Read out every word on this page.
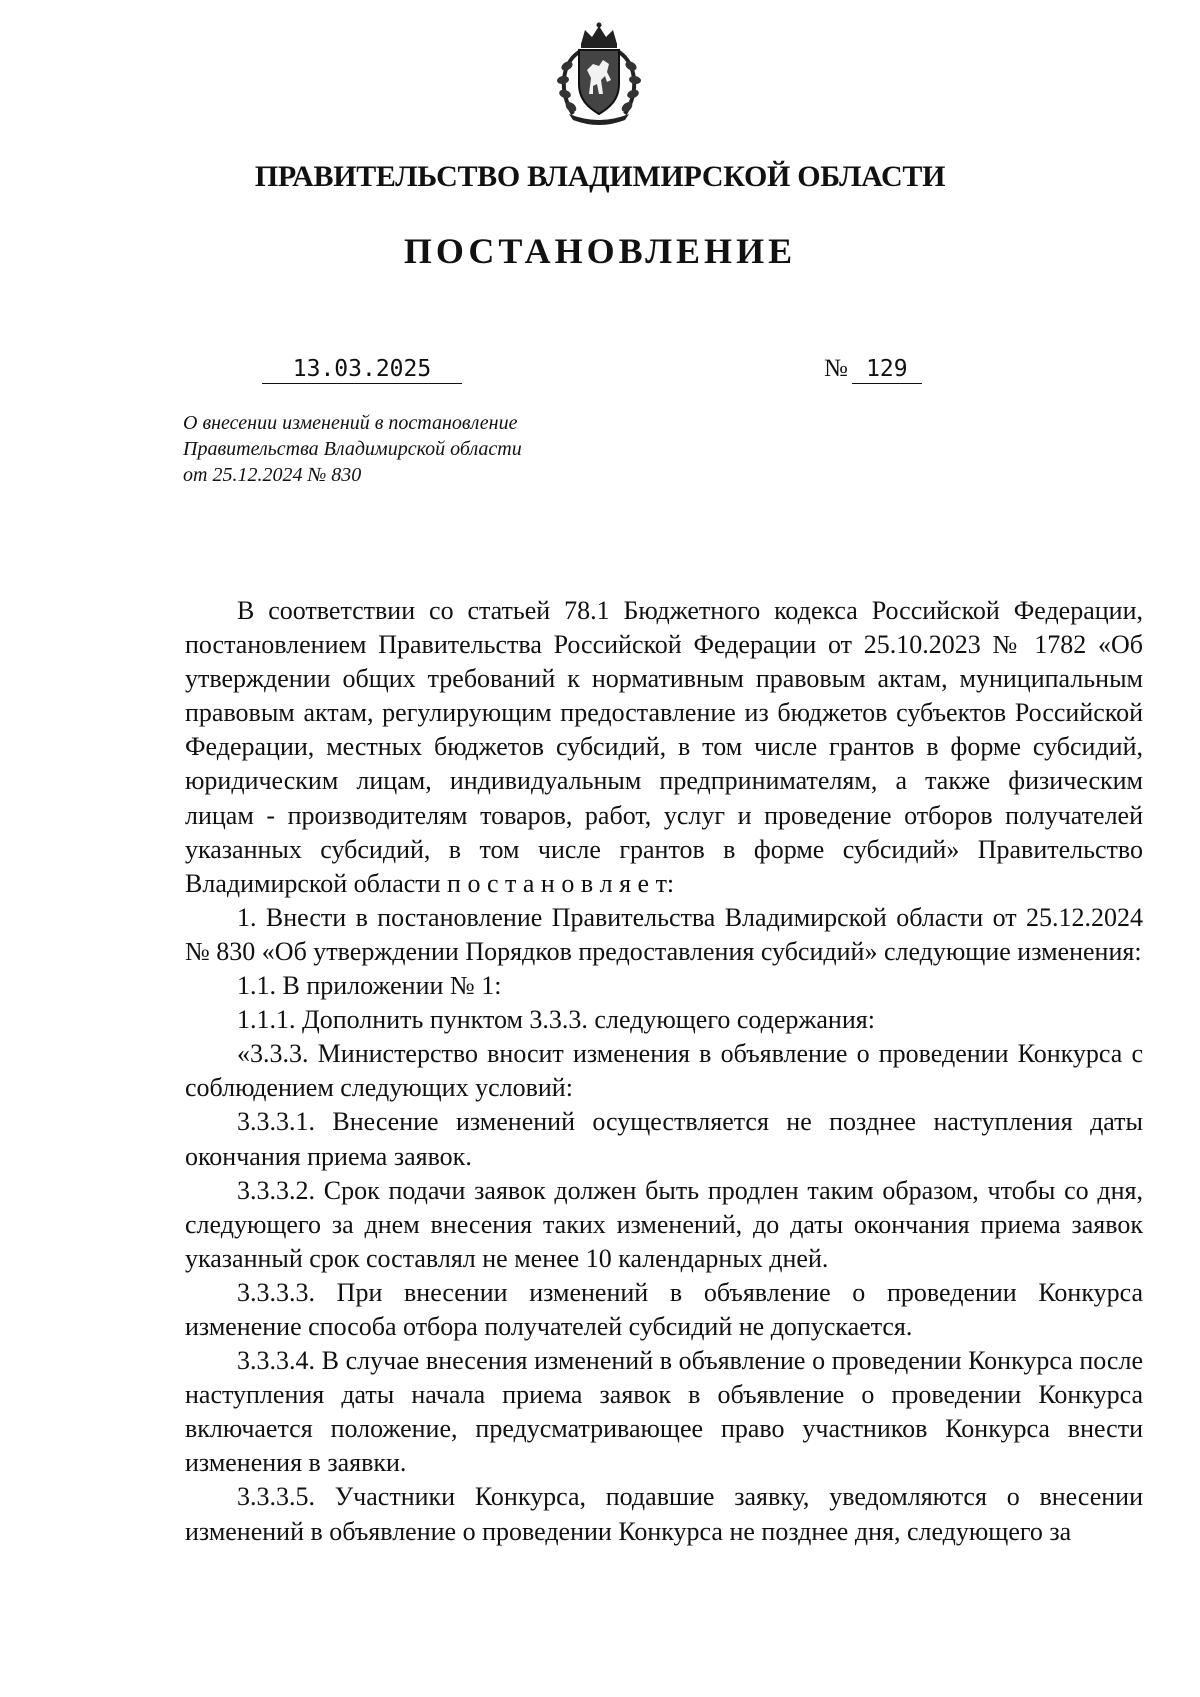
ПРАВИТЕЛЬСТВО ВЛАДИМИРСКОЙ ОБЛАСТИ
ПОСТАНОВЛЕНИЕ
13.03.2025	№ 129
О внесении изменений в постановление
Правительства Владимирской области
от 25.12.2024 № 830

В соответствии со статьей 78.1 Бюджетного кодекса Российской Федерации, постановлением Правительства Российской Федерации от 25.10.2023 № 1782 «Об утверждении общих требований к нормативным правовым актам, муниципальным правовым актам, регулирующим предоставление из бюджетов субъектов Российской Федерации, местных бюджетов субсидий, в том числе грантов в форме субсидий, юридическим лицам, индивидуальным предпринимателям, а также физическим лицам - производителям товаров, работ, услуг и проведение отборов получателей указанных субсидий, в том числе грантов в форме субсидий» Правительство Владимирской области п о с т а н о в л я е т:

1. Внести в постановление Правительства Владимирской области от 25.12.2024 № 830 «Об утверждении Порядков предоставления субсидий» следующие изменения:

1.1. В приложении № 1:

1.1.1. Дополнить пунктом 3.3.3. следующего содержания:

«3.3.3. Министерство вносит изменения в объявление о проведении Конкурса с соблюдением следующих условий:

3.3.3.1. Внесение изменений осуществляется не позднее наступления даты окончания приема заявок.

3.3.3.2. Срок подачи заявок должен быть продлен таким образом, чтобы со дня, следующего за днем внесения таких изменений, до даты окончания приема заявок указанный срок составлял не менее 10 календарных дней.

3.3.3.3. При внесении изменений в объявление о проведении Конкурса изменение способа отбора получателей субсидий не допускается.

3.3.3.4. В случае внесения изменений в объявление о проведении Конкурса после наступления даты начала приема заявок в объявление о проведении Конкурса включается положение, предусматривающее право участников Конкурса внести изменения в заявки.

3.3.3.5. Участники Конкурса, подавшие заявку, уведомляются о внесении изменений в объявление о проведении Конкурса не позднее дня, следующего за
